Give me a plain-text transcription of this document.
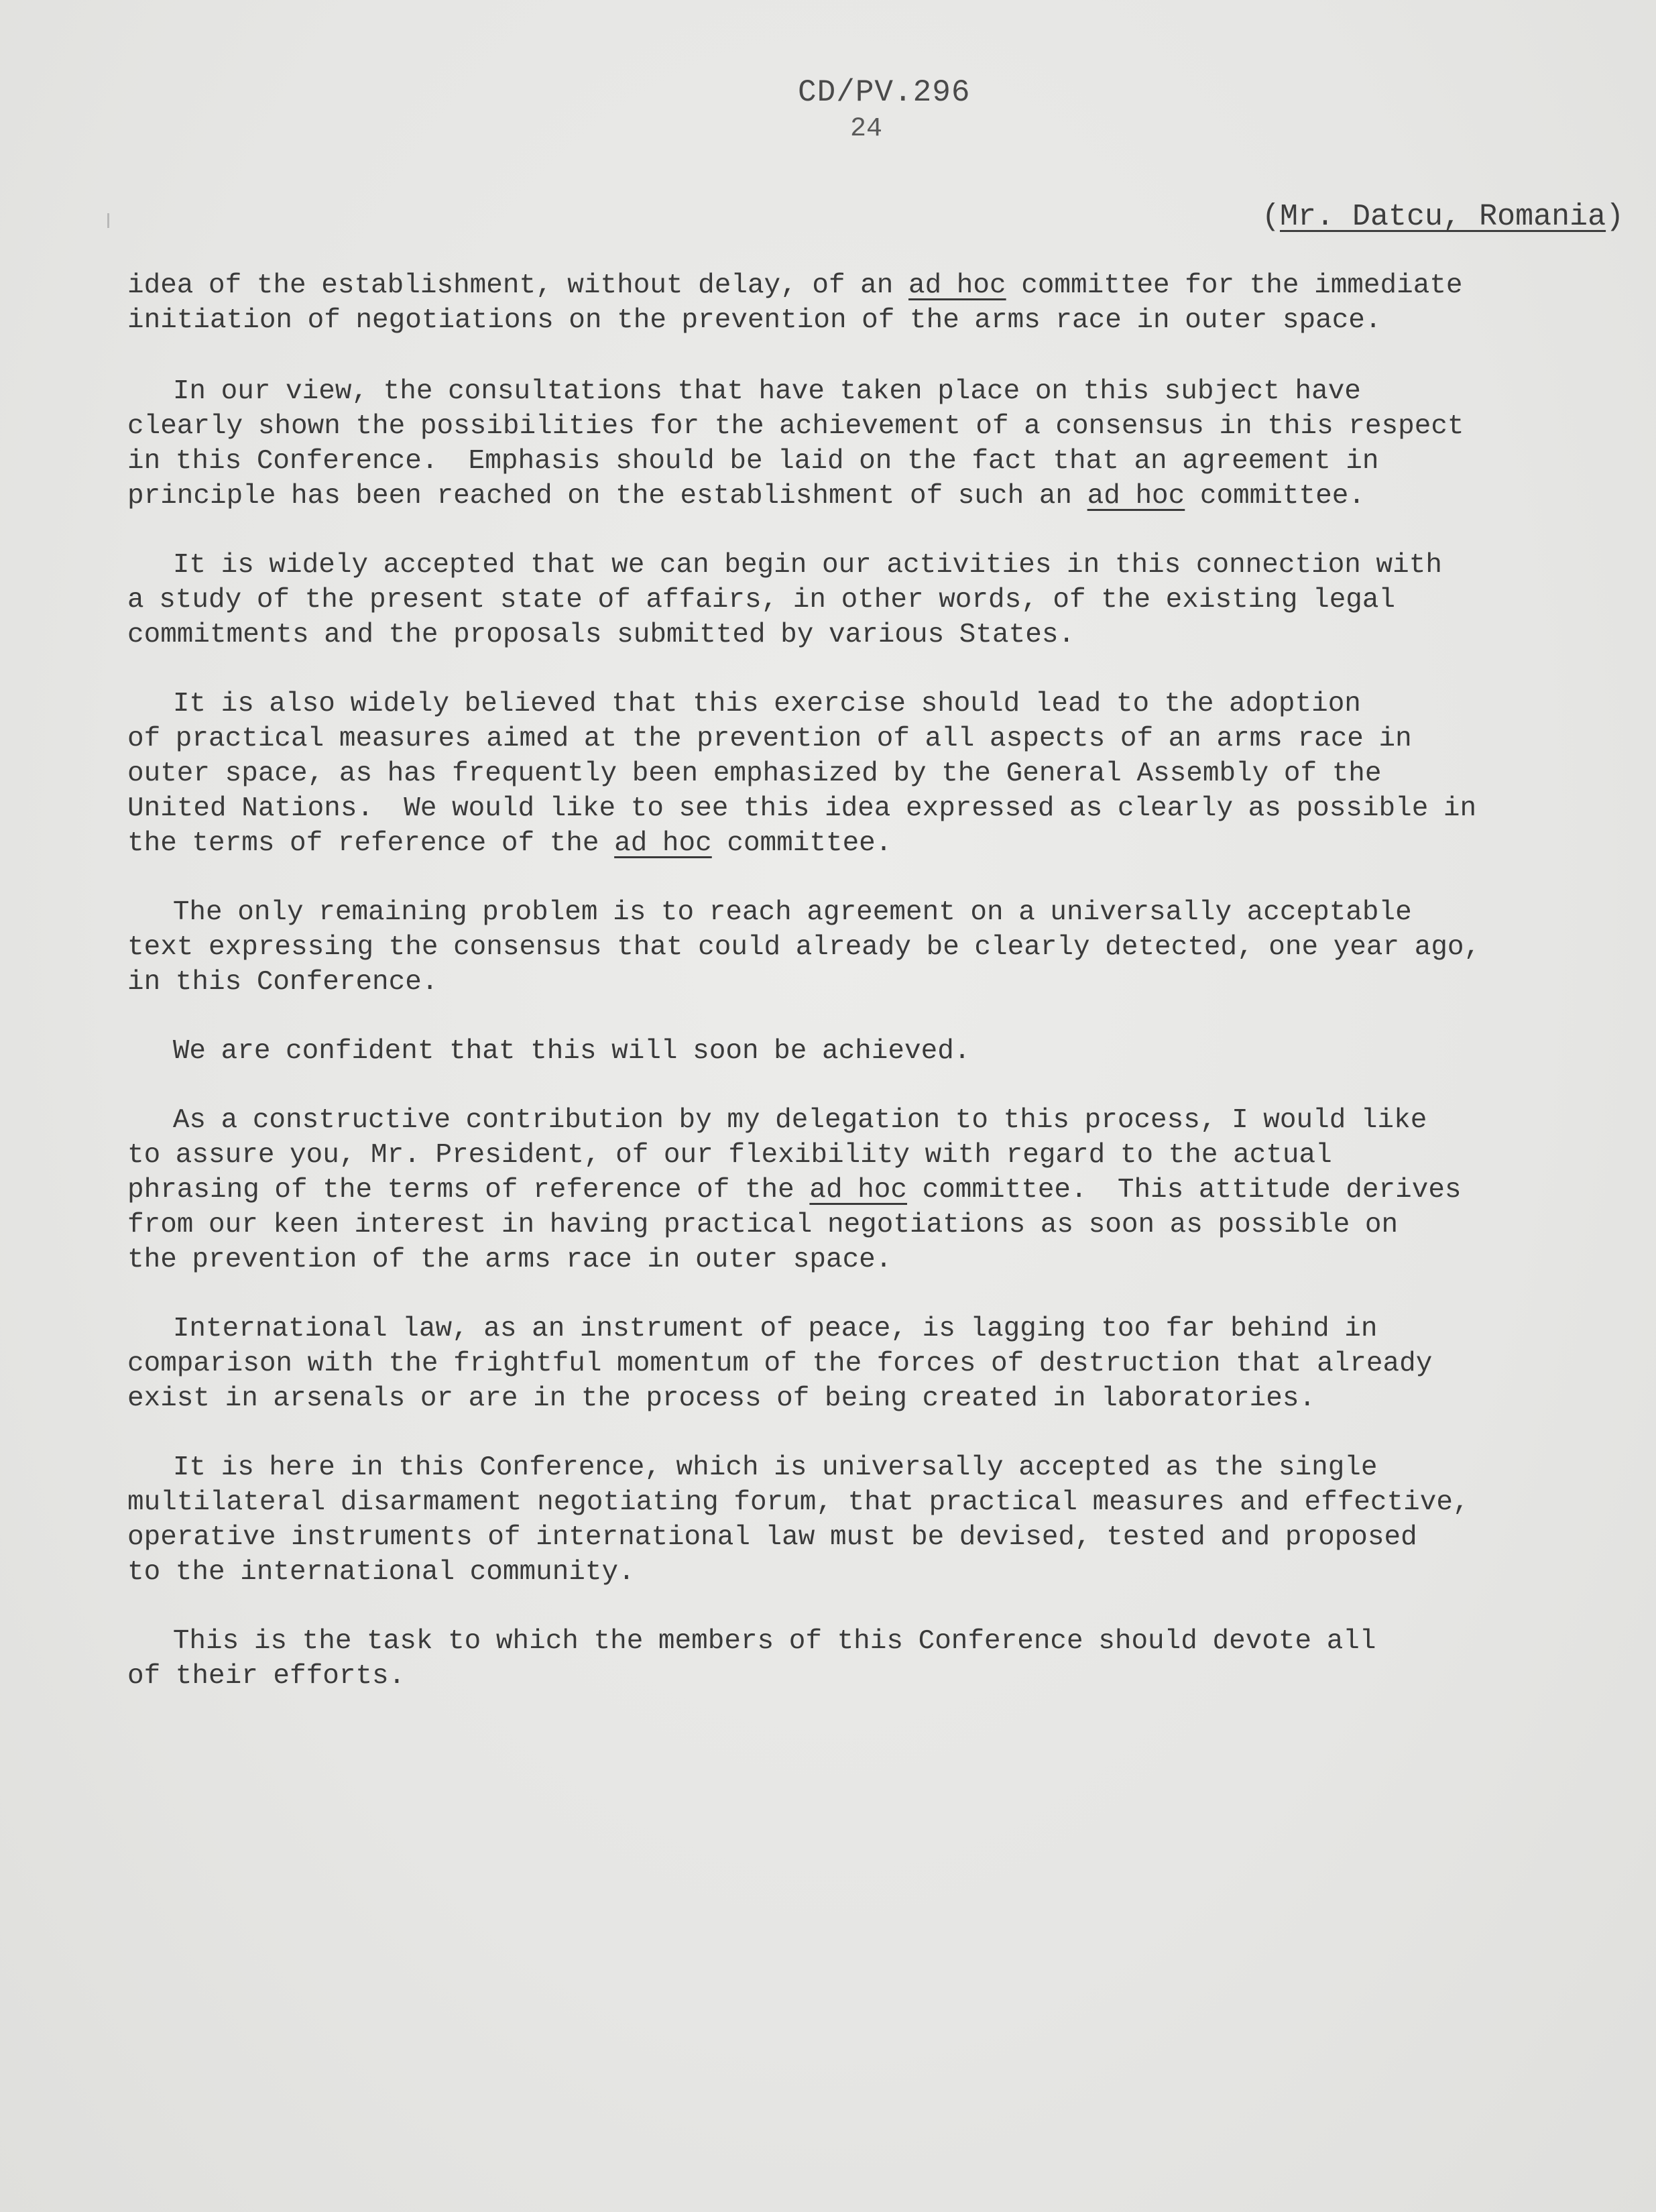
CD/PV.296
24
(Mr. Datcu, Romania)
idea of the establishment, without delay, of an ad hoc committee for the immediate
initiation of negotiations on the prevention of the arms race in outer space.
In our view, the consultations that have taken place on this subject have
clearly shown the possibilities for the achievement of a consensus in this respect
in this Conference.  Emphasis should be laid on the fact that an agreement in
principle has been reached on the establishment of such an ad hoc committee.
It is widely accepted that we can begin our activities in this connection with
a study of the present state of affairs, in other words, of the existing legal
commitments and the proposals submitted by various States.
It is also widely believed that this exercise should lead to the adoption
of practical measures aimed at the prevention of all aspects of an arms race in
outer space, as has frequently been emphasized by the General Assembly of the
United Nations.  We would like to see this idea expressed as clearly as possible in
the terms of reference of the ad hoc committee.
The only remaining problem is to reach agreement on a universally acceptable
text expressing the consensus that could already be clearly detected, one year ago,
in this Conference.
We are confident that this will soon be achieved.
As a constructive contribution by my delegation to this process, I would like
to assure you, Mr. President, of our flexibility with regard to the actual
phrasing of the terms of reference of the ad hoc committee.  This attitude derives
from our keen interest in having practical negotiations as soon as possible on
the prevention of the arms race in outer space.
International law, as an instrument of peace, is lagging too far behind in
comparison with the frightful momentum of the forces of destruction that already
exist in arsenals or are in the process of being created in laboratories.
It is here in this Conference, which is universally accepted as the single
multilateral disarmament negotiating forum, that practical measures and effective,
operative instruments of international law must be devised, tested and proposed
to the international community.
This is the task to which the members of this Conference should devote all
of their efforts.
